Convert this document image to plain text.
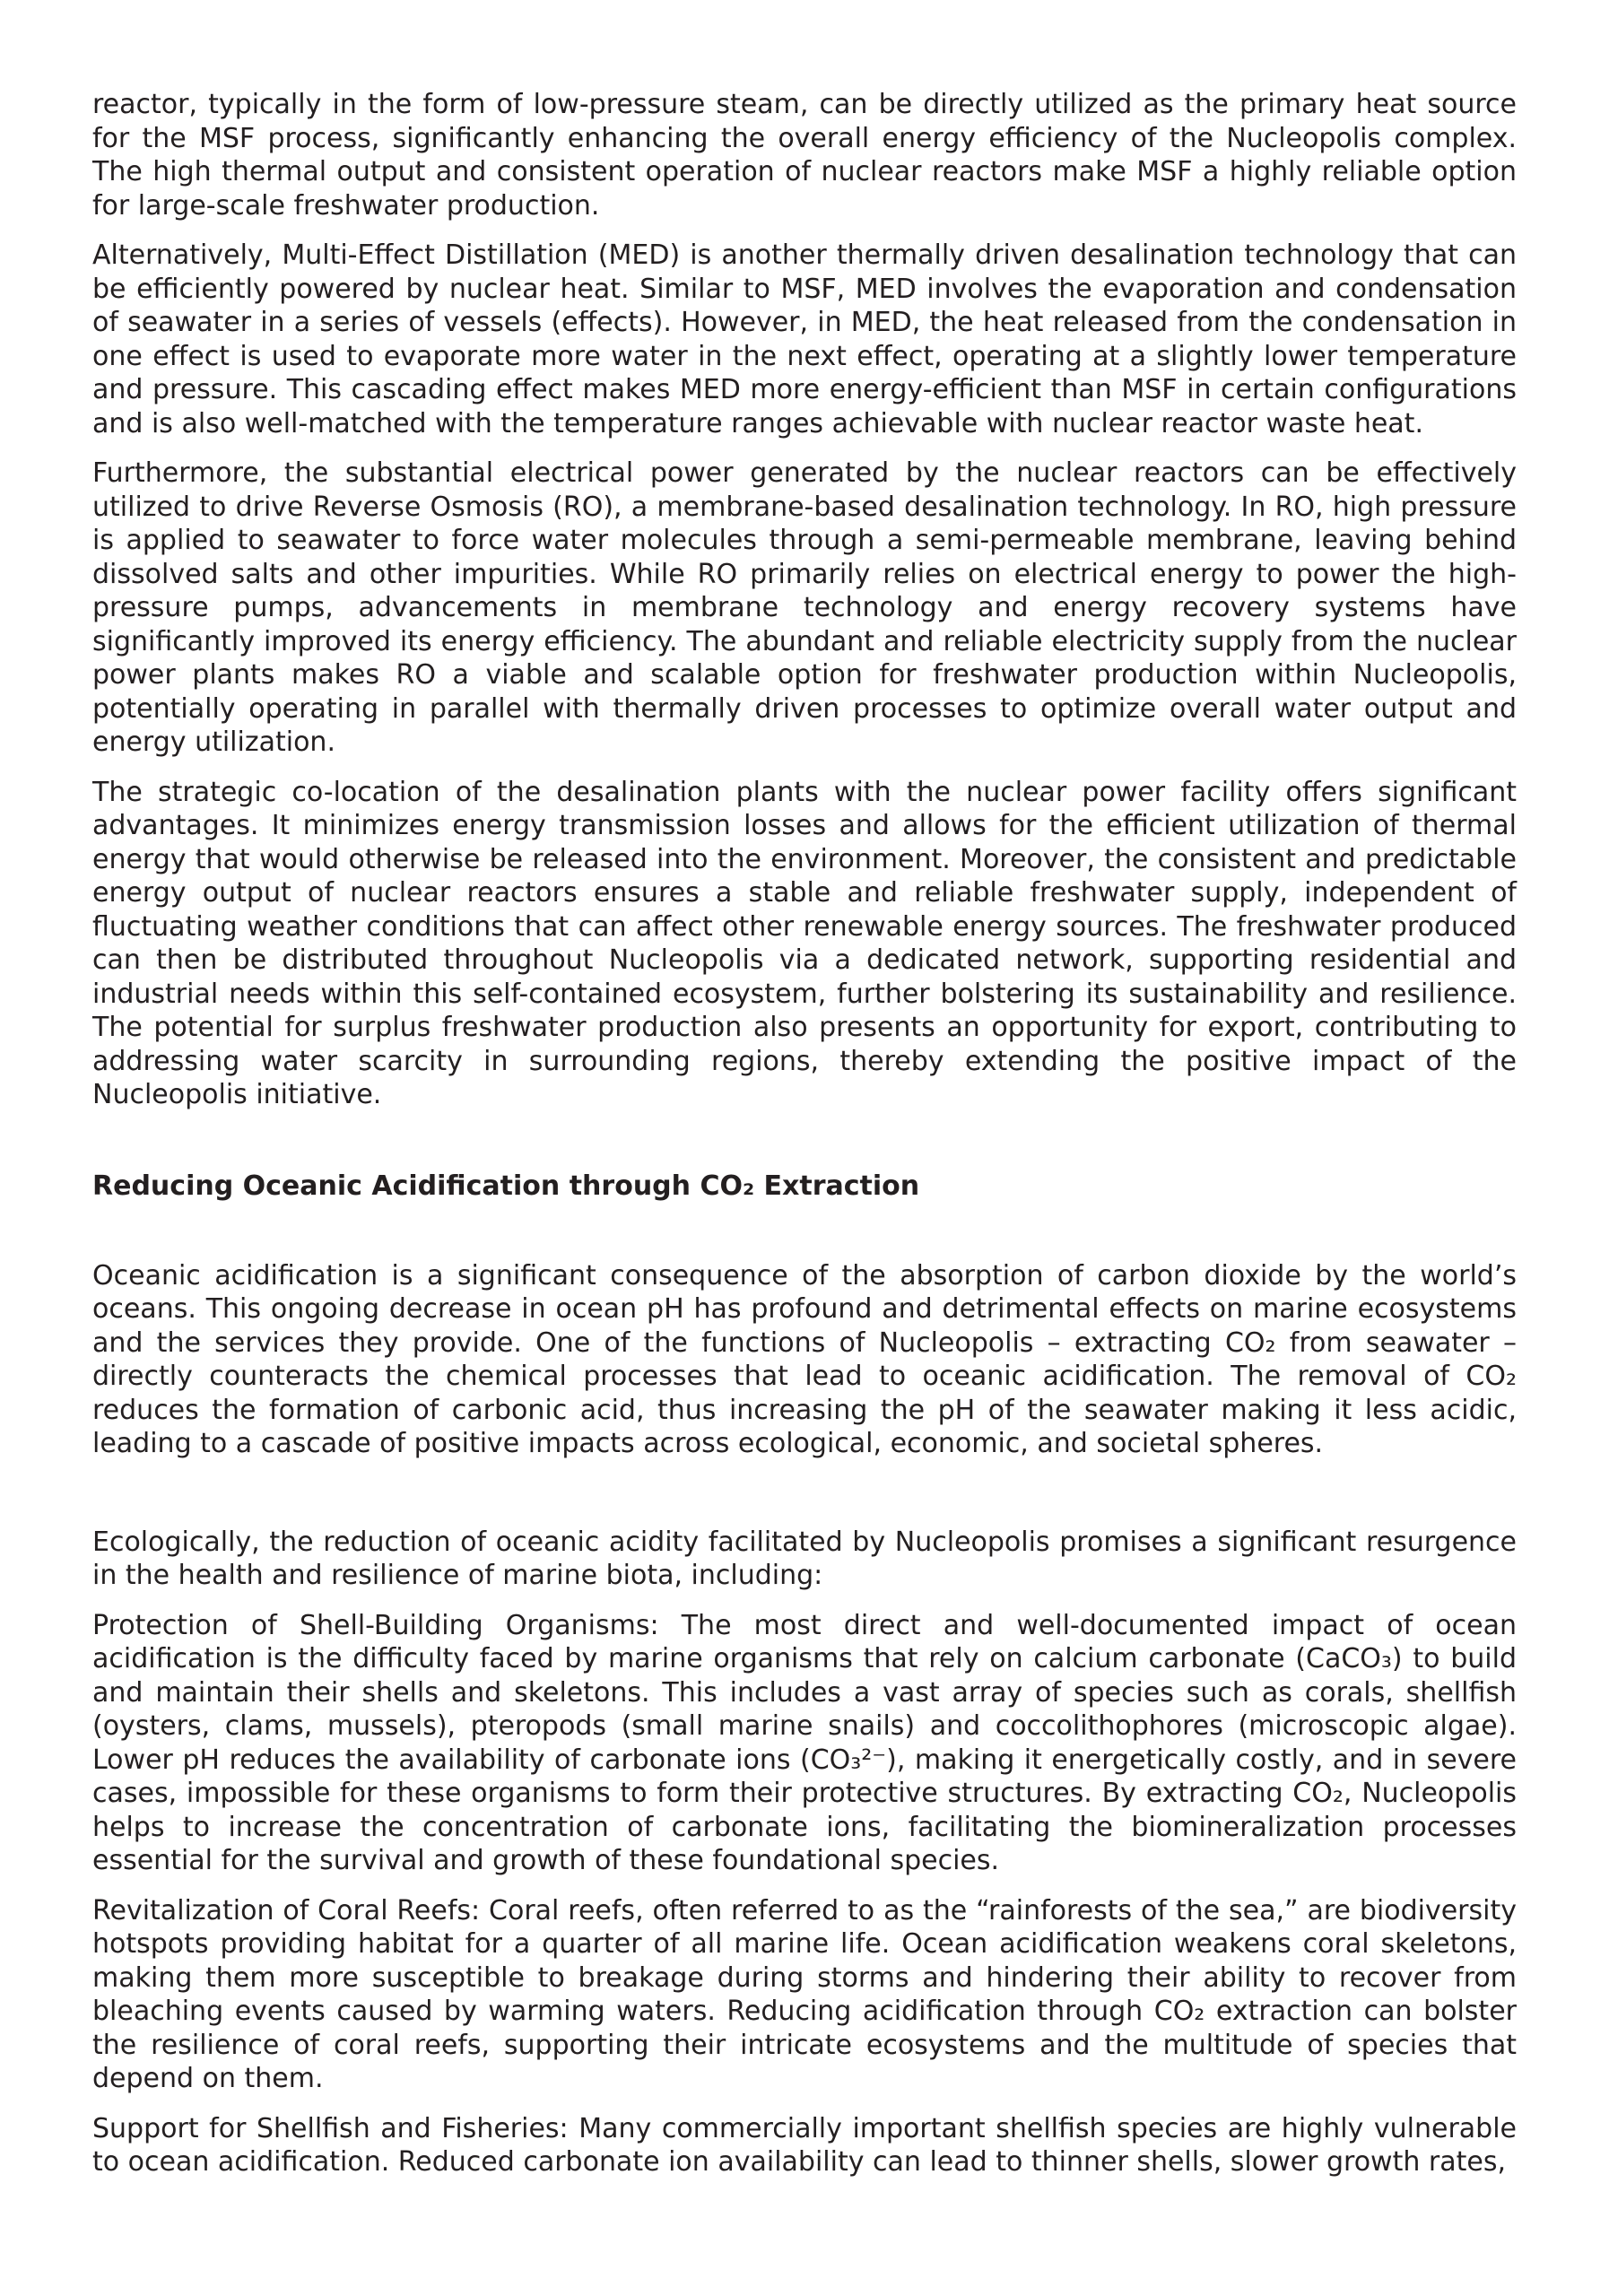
reactor, typically in the form of low-pressure steam, can be directly utilized as the primary heat source for the MSF process, significantly enhancing the overall energy efficiency of the Nucleopolis complex. The high thermal output and consistent operation of nuclear reactors make MSF a highly reliable option for large-scale freshwater production.

Alternatively, Multi-Effect Distillation (MED) is another thermally driven desalination technology that can be efficiently powered by nuclear heat. Similar to MSF, MED involves the evaporation and condensation of seawater in a series of vessels (effects). However, in MED, the heat released from the condensation in one effect is used to evaporate more water in the next effect, operating at a slightly lower temperature and pressure. This cascading effect makes MED more energy-efficient than MSF in certain configurations and is also well-matched with the temperature ranges achievable with nuclear reactor waste heat.

Furthermore, the substantial electrical power generated by the nuclear reactors can be effectively utilized to drive Reverse Osmosis (RO), a membrane-based desalination technology. In RO, high pressure is applied to seawater to force water molecules through a semi-permeable membrane, leaving behind dissolved salts and other impurities. While RO primarily relies on electrical energy to power the high-pressure pumps, advancements in membrane technology and energy recovery systems have significantly improved its energy efficiency. The abundant and reliable electricity supply from the nuclear power plants makes RO a viable and scalable option for freshwater production within Nucleopolis, potentially operating in parallel with thermally driven processes to optimize overall water output and energy utilization.

The strategic co-location of the desalination plants with the nuclear power facility offers significant advantages. It minimizes energy transmission losses and allows for the efficient utilization of thermal energy that would otherwise be released into the environment. Moreover, the consistent and predictable energy output of nuclear reactors ensures a stable and reliable freshwater supply, independent of fluctuating weather conditions that can affect other renewable energy sources. The freshwater produced can then be distributed throughout Nucleopolis via a dedicated network, supporting residential and industrial needs within this self-contained ecosystem, further bolstering its sustainability and resilience. The potential for surplus freshwater production also presents an opportunity for export, contributing to addressing water scarcity in surrounding regions, thereby extending the positive impact of the Nucleopolis initiative.

Reducing Oceanic Acidification through CO₂ Extraction

Oceanic acidification is a significant consequence of the absorption of carbon dioxide by the world’s oceans. This ongoing decrease in ocean pH has profound and detrimental effects on marine ecosystems and the services they provide. One of the functions of Nucleopolis – extracting CO₂ from seawater – directly counteracts the chemical processes that lead to oceanic acidification. The removal of CO₂ reduces the formation of carbonic acid, thus increasing the pH of the seawater making it less acidic, leading to a cascade of positive impacts across ecological, economic, and societal spheres.

Ecologically, the reduction of oceanic acidity facilitated by Nucleopolis promises a significant resurgence in the health and resilience of marine biota, including:

Protection of Shell-Building Organisms: The most direct and well-documented impact of ocean acidification is the difficulty faced by marine organisms that rely on calcium carbonate (CaCO₃) to build and maintain their shells and skeletons. This includes a vast array of species such as corals, shellfish (oysters, clams, mussels), pteropods (small marine snails) and coccolithophores (microscopic algae). Lower pH reduces the availability of carbonate ions (CO₃²⁻), making it energetically costly, and in severe cases, impossible for these organisms to form their protective structures. By extracting CO₂, Nucleopolis helps to increase the concentration of carbonate ions, facilitating the biomineralization processes essential for the survival and growth of these foundational species.

Revitalization of Coral Reefs: Coral reefs, often referred to as the “rainforests of the sea,” are biodiversity hotspots providing habitat for a quarter of all marine life. Ocean acidification weakens coral skeletons, making them more susceptible to breakage during storms and hindering their ability to recover from bleaching events caused by warming waters. Reducing acidification through CO₂ extraction can bolster the resilience of coral reefs, supporting their intricate ecosystems and the multitude of species that depend on them.

Support for Shellfish and Fisheries: Many commercially important shellfish species are highly vulnerable to ocean acidification. Reduced carbonate ion availability can lead to thinner shells, slower growth rates,
